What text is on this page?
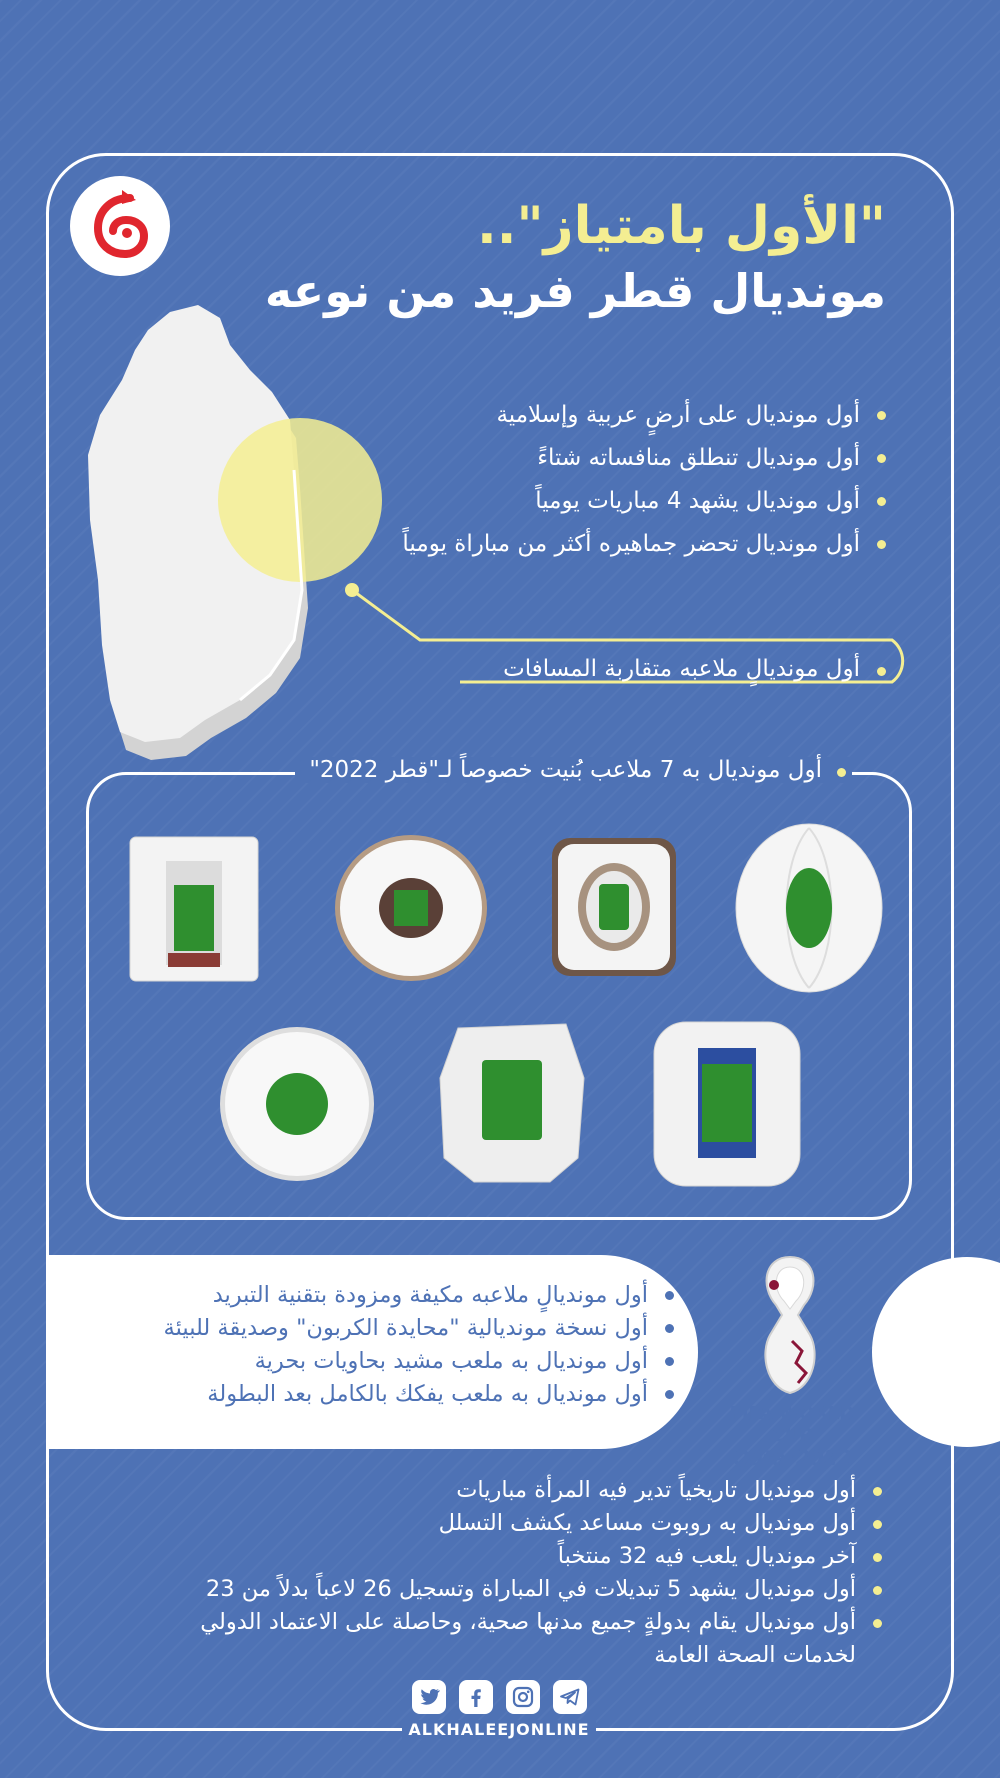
"الأول بامتياز"..
مونديال قطر فريد من نوعه
أول مونديال على أرضٍ عربية وإسلامية
أول مونديال تنطلق منافساته شتاءً
أول مونديال يشهد 4 مباريات يومياً
أول مونديال تحضر جماهيره أكثر من مباراة يومياً
أول مونديالٍ ملاعبه متقاربة المسافات
أول مونديال به 7 ملاعب بُنيت خصوصاً لـ"قطر 2022"
أول مونديالٍ ملاعبه مكيفة ومزودة بتقنية التبريد
أول نسخة مونديالية "محايدة الكربون" وصديقة للبيئة
أول مونديال به ملعب مشيد بحاويات بحرية
أول مونديال به ملعب يفكك بالكامل بعد البطولة
FIFA WORLD CUP
Qatar2022
أول مونديال تاريخياً تدير فيه المرأة مباريات
أول مونديال به روبوت مساعد يكشف التسلل
آخر مونديال يلعب فيه 32 منتخباً
أول مونديال يشهد 5 تبديلات في المباراة وتسجيل 26 لاعباً بدلاً من 23
أول مونديال يقام بدولةٍ جميع مدنها صحية، وحاصلة على الاعتماد الدولي
لخدمات الصحة العامة
ALKHALEEJONLINE
